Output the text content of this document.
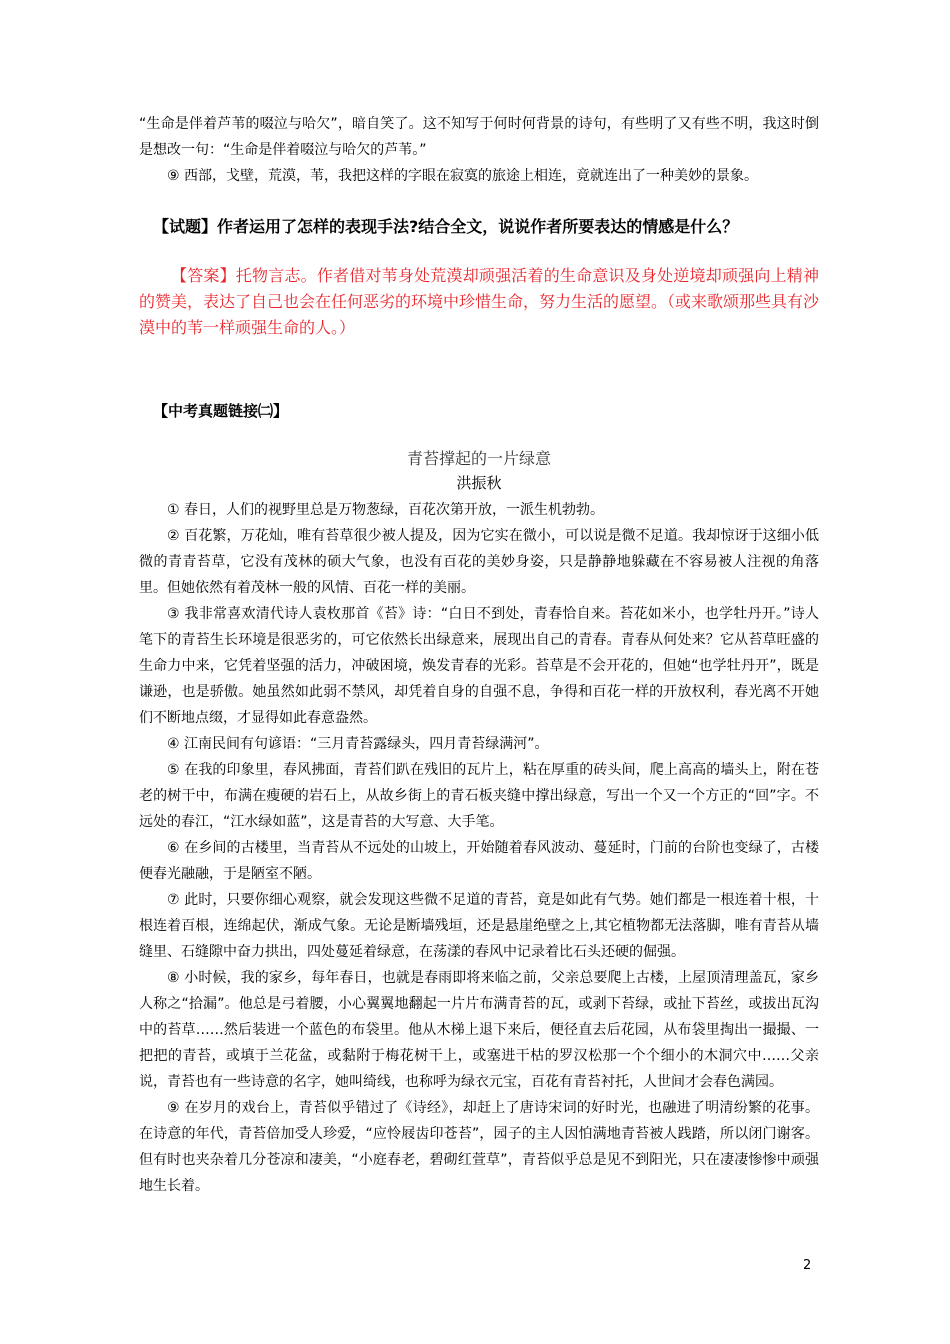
“生命是伴着芦苇的啜泣与哈欠”，暗自笑了。这不知写于何时何背景的诗句，有些明了又有些不明，我这时倒是想改一句：“生命是伴着啜泣与哈欠的芦苇。”

⑨ 西部，戈壁，荒漠，苇，我把这样的字眼在寂寞的旅途上相连，竟就连出了一种美妙的景象。

【试题】作者运用了怎样的表现手法?结合全文，说说作者所要表达的情感是什么？

【答案】托物言志。作者借对苇身处荒漠却顽强活着的生命意识及身处逆境却顽强向上精神的赞美，表达了自己也会在任何恶劣的环境中珍惜生命，努力生活的愿望。（或来歌颂那些具有沙漠中的苇一样顽强生命的人。）

【中考真题链接㈡】

青苔撑起的一片绿意
洪振秋

① 春日，人们的视野里总是万物葱绿，百花次第开放，一派生机勃勃。

② 百花繁，万花灿，唯有苔草很少被人提及，因为它实在微小，可以说是微不足道。我却惊讶于这细小低微的青青苔草，它没有茂林的硕大气象，也没有百花的美妙身姿，只是静静地躲藏在不容易被人注视的角落里。但她依然有着茂林一般的风情、百花一样的美丽。

③ 我非常喜欢清代诗人袁枚那首《苔》诗：“白日不到处，青春恰自来。苔花如米小，也学牡丹开。”诗人笔下的青苔生长环境是很恶劣的，可它依然长出绿意来，展现出自己的青春。青春从何处来？它从苔草旺盛的生命力中来，它凭着坚强的活力，冲破困境，焕发青春的光彩。苔草是不会开花的，但她“也学牡丹开”，既是谦逊，也是骄傲。她虽然如此弱不禁风，却凭着自身的自强不息，争得和百花一样的开放权利，春光离不开她们不断地点缀，才显得如此春意盎然。

④ 江南民间有句谚语：“三月青苔露绿头，四月青苔绿满河”。

⑤ 在我的印象里，春风拂面，青苔们趴在残旧的瓦片上，粘在厚重的砖头间，爬上高高的墙头上，附在苍老的树干中，布满在瘦硬的岩石上，从故乡街上的青石板夹缝中撑出绿意，写出一个又一个方正的“回”字。不远处的春江，“江水绿如蓝”，这是青苔的大写意、大手笔。

⑥ 在乡间的古楼里，当青苔从不远处的山坡上，开始随着春风波动、蔓延时，门前的台阶也变绿了，古楼便春光融融，于是陋室不陋。

⑦ 此时，只要你细心观察，就会发现这些微不足道的青苔，竟是如此有气势。她们都是一根连着十根，十根连着百根，连绵起伏，渐成气象。无论是断墙残垣，还是悬崖绝壁之上,其它植物都无法落脚，唯有青苔从墙缝里、石缝隙中奋力拱出，四处蔓延着绿意，在荡漾的春风中记录着比石头还硬的倔强。

⑧ 小时候，我的家乡，每年春日，也就是春雨即将来临之前，父亲总要爬上古楼，上屋顶清理盖瓦，家乡人称之“拾漏”。他总是弓着腰，小心翼翼地翻起一片片布满青苔的瓦，或剥下苔绿，或扯下苔丝，或拔出瓦沟中的苔草……然后装进一个蓝色的布袋里。他从木梯上退下来后，便径直去后花园，从布袋里掏出一撮撮、一把把的青苔，或填于兰花盆，或黏附于梅花树干上，或塞进干枯的罗汉松那一个个细小的木洞穴中……父亲说，青苔也有一些诗意的名字，她叫绮线，也称呼为绿衣元宝，百花有青苔衬托，人世间才会春色满园。

⑨ 在岁月的戏台上，青苔似乎错过了《诗经》，却赶上了唐诗宋词的好时光，也融进了明清纷繁的花事。在诗意的年代，青苔倍加受人珍爱，“应怜屐齿印苍苔”，园子的主人因怕满地青苔被人践踏，所以闭门谢客。但有时也夹杂着几分苍凉和凄美，“小庭春老，碧砌红萱草”，青苔似乎总是见不到阳光，只在凄凄惨惨中顽强地生长着。

2
